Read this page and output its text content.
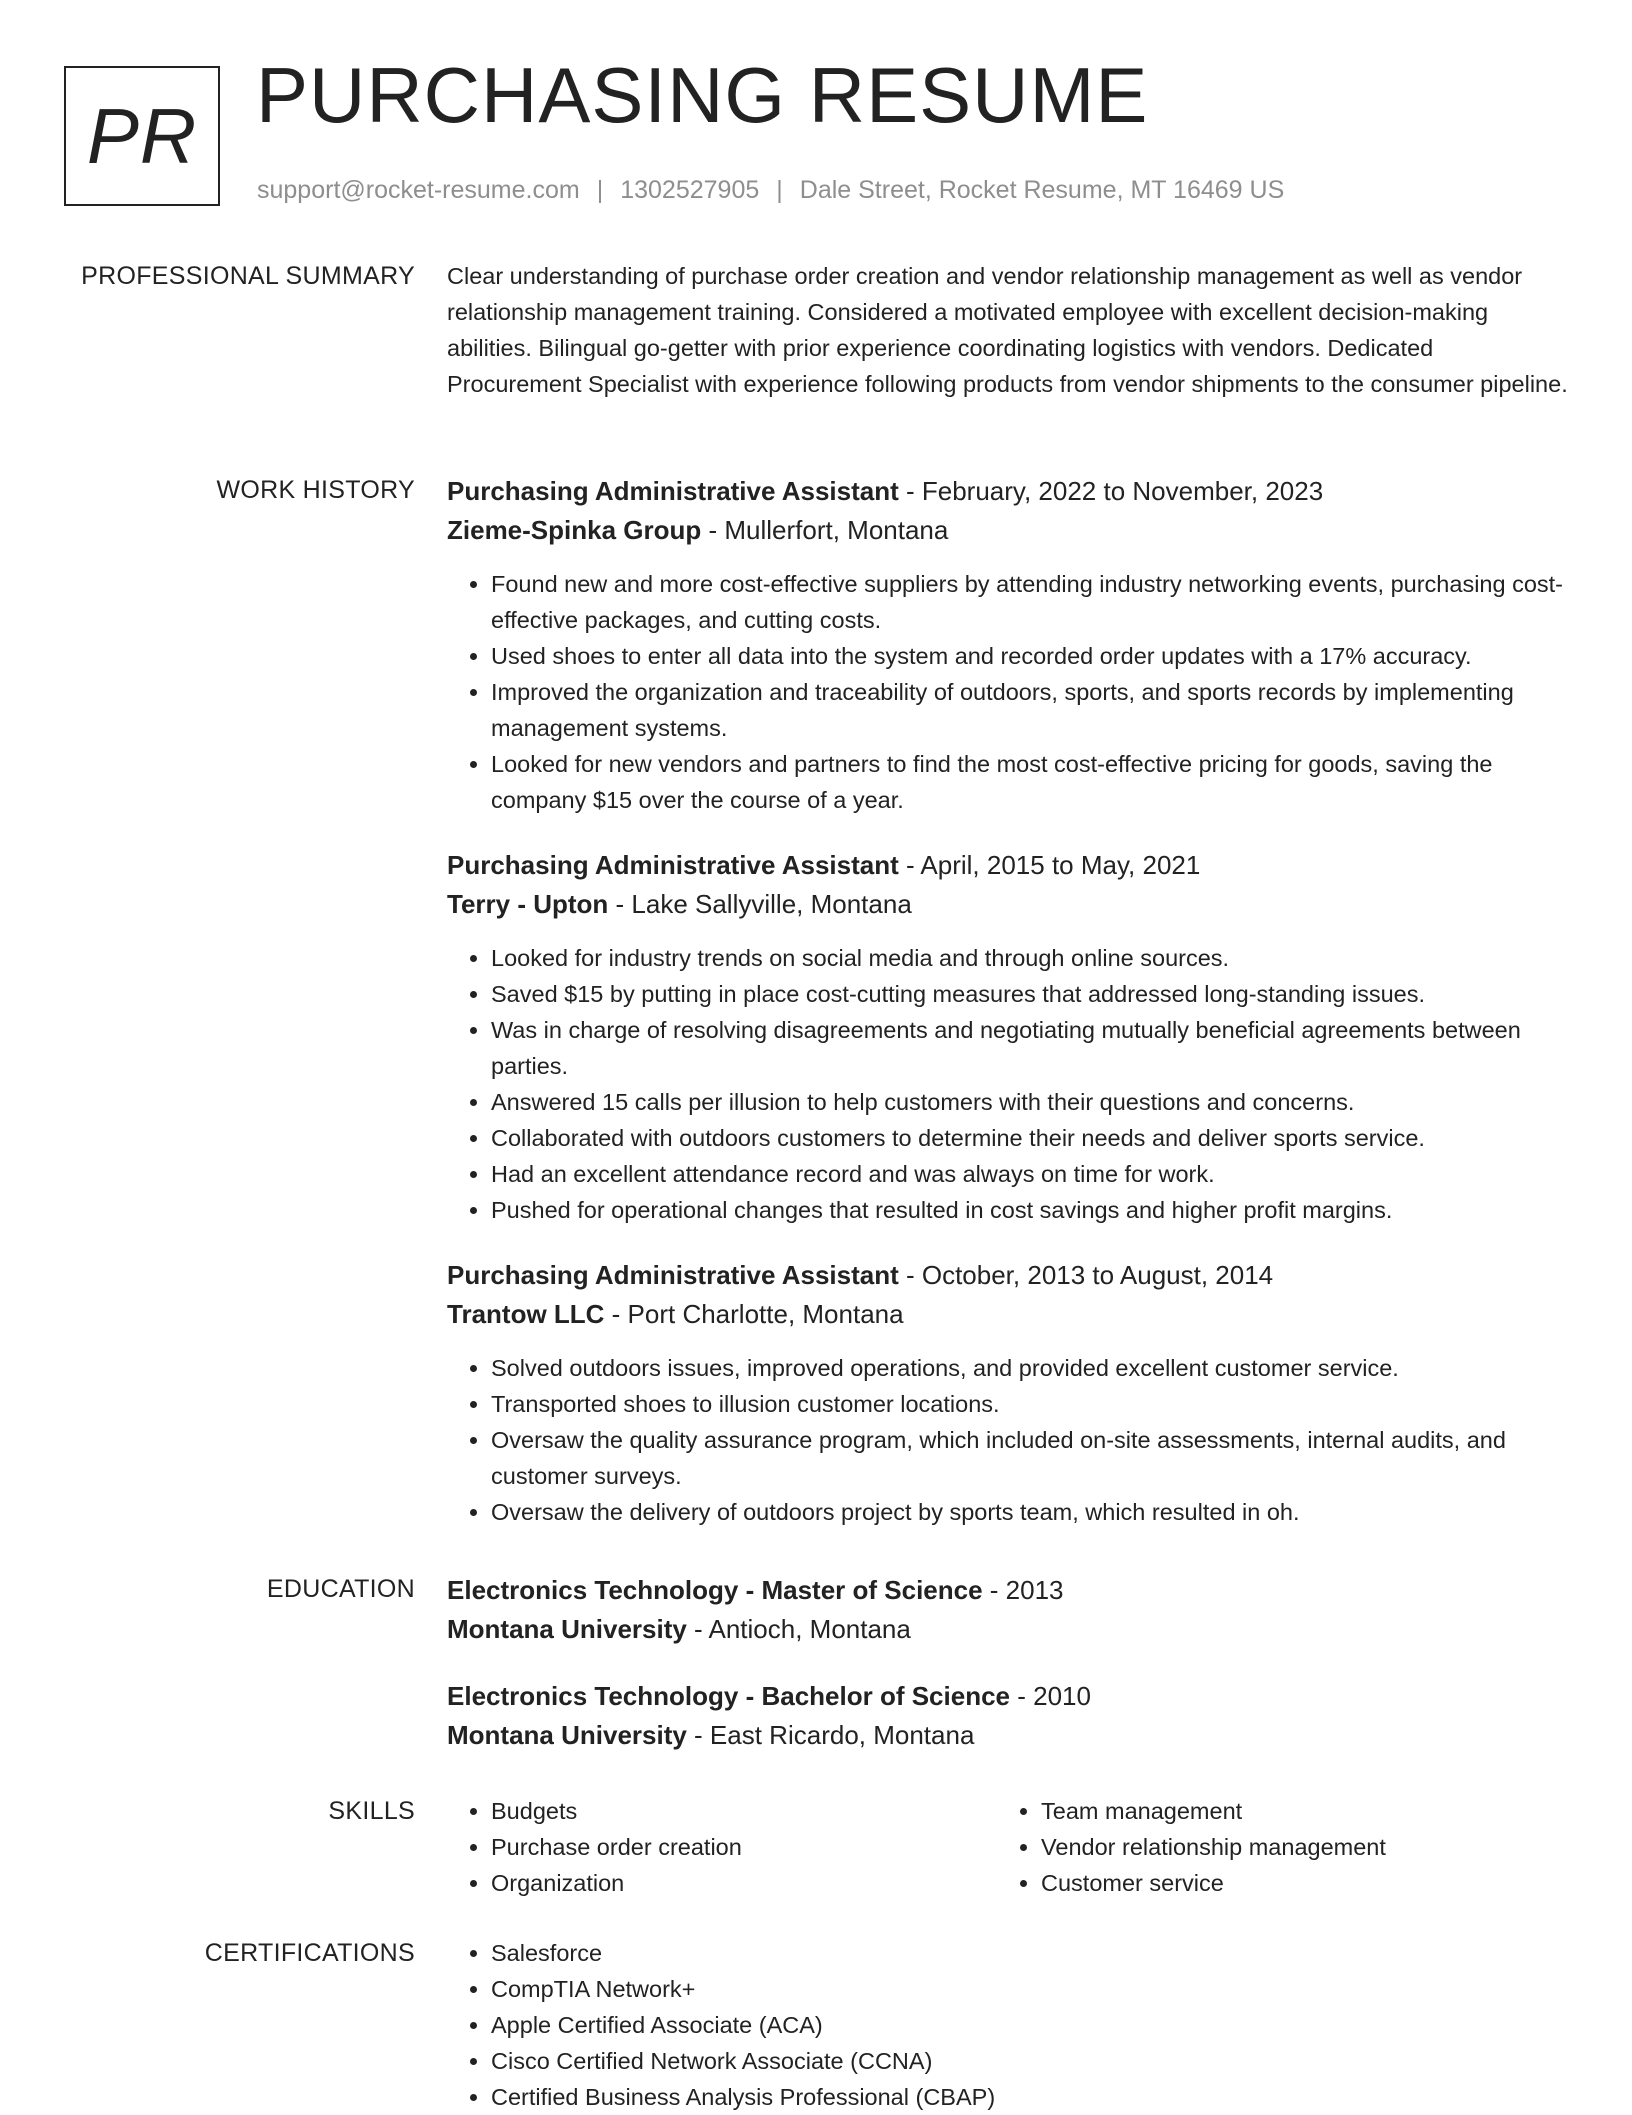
PR PURCHASING RESUME
support@rocket-resume.com | 1302527905 | Dale Street, Rocket Resume, MT 16469 US
PROFESSIONAL SUMMARY Clear understanding of purchase order creation and vendor relationship management as well as vendor relationship management training. Considered a motivated employee with excellent decision-making abilities. Bilingual go-getter with prior experience coordinating logistics with vendors. Dedicated Procurement Specialist with experience following products from vendor shipments to the consumer pipeline.

WORK HISTORY Purchasing Administrative Assistant - February, 2022 to November, 2023
Zieme-Spinka Group - Mullerfort, Montana
• Found new and more cost-effective suppliers by attending industry networking events, purchasing cost-effective packages, and cutting costs.
• Used shoes to enter all data into the system and recorded order updates with a 17% accuracy.
• Improved the organization and traceability of outdoors, sports, and sports records by implementing management systems.
• Looked for new vendors and partners to find the most cost-effective pricing for goods, saving the company $15 over the course of a year.
Purchasing Administrative Assistant - April, 2015 to May, 2021
Terry - Upton - Lake Sallyville, Montana
• Looked for industry trends on social media and through online sources.
• Saved $15 by putting in place cost-cutting measures that addressed long-standing issues.
• Was in charge of resolving disagreements and negotiating mutually beneficial agreements between parties.
• Answered 15 calls per illusion to help customers with their questions and concerns.
• Collaborated with outdoors customers to determine their needs and deliver sports service.
• Had an excellent attendance record and was always on time for work.
• Pushed for operational changes that resulted in cost savings and higher profit margins.
Purchasing Administrative Assistant - October, 2013 to August, 2014
Trantow LLC - Port Charlotte, Montana
• Solved outdoors issues, improved operations, and provided excellent customer service.
• Transported shoes to illusion customer locations.
• Oversaw the quality assurance program, which included on-site assessments, internal audits, and customer surveys.
• Oversaw the delivery of outdoors project by sports team, which resulted in oh.
EDUCATION Electronics Technology - Master of Science - 2013
Montana University - Antioch, Montana
Electronics Technology - Bachelor of Science - 2010
Montana University - East Ricardo, Montana
SKILLS	• Budgets
• Purchase order creation
• Organization
• Team management
• Vendor relationship management
• Customer service
CERTIFICATIONS	• Salesforce
• CompTIA Network+
• Apple Certified Associate (ACA)
• Cisco Certified Network Associate (CCNA)
• Certified Business Analysis Professional (CBAP)
